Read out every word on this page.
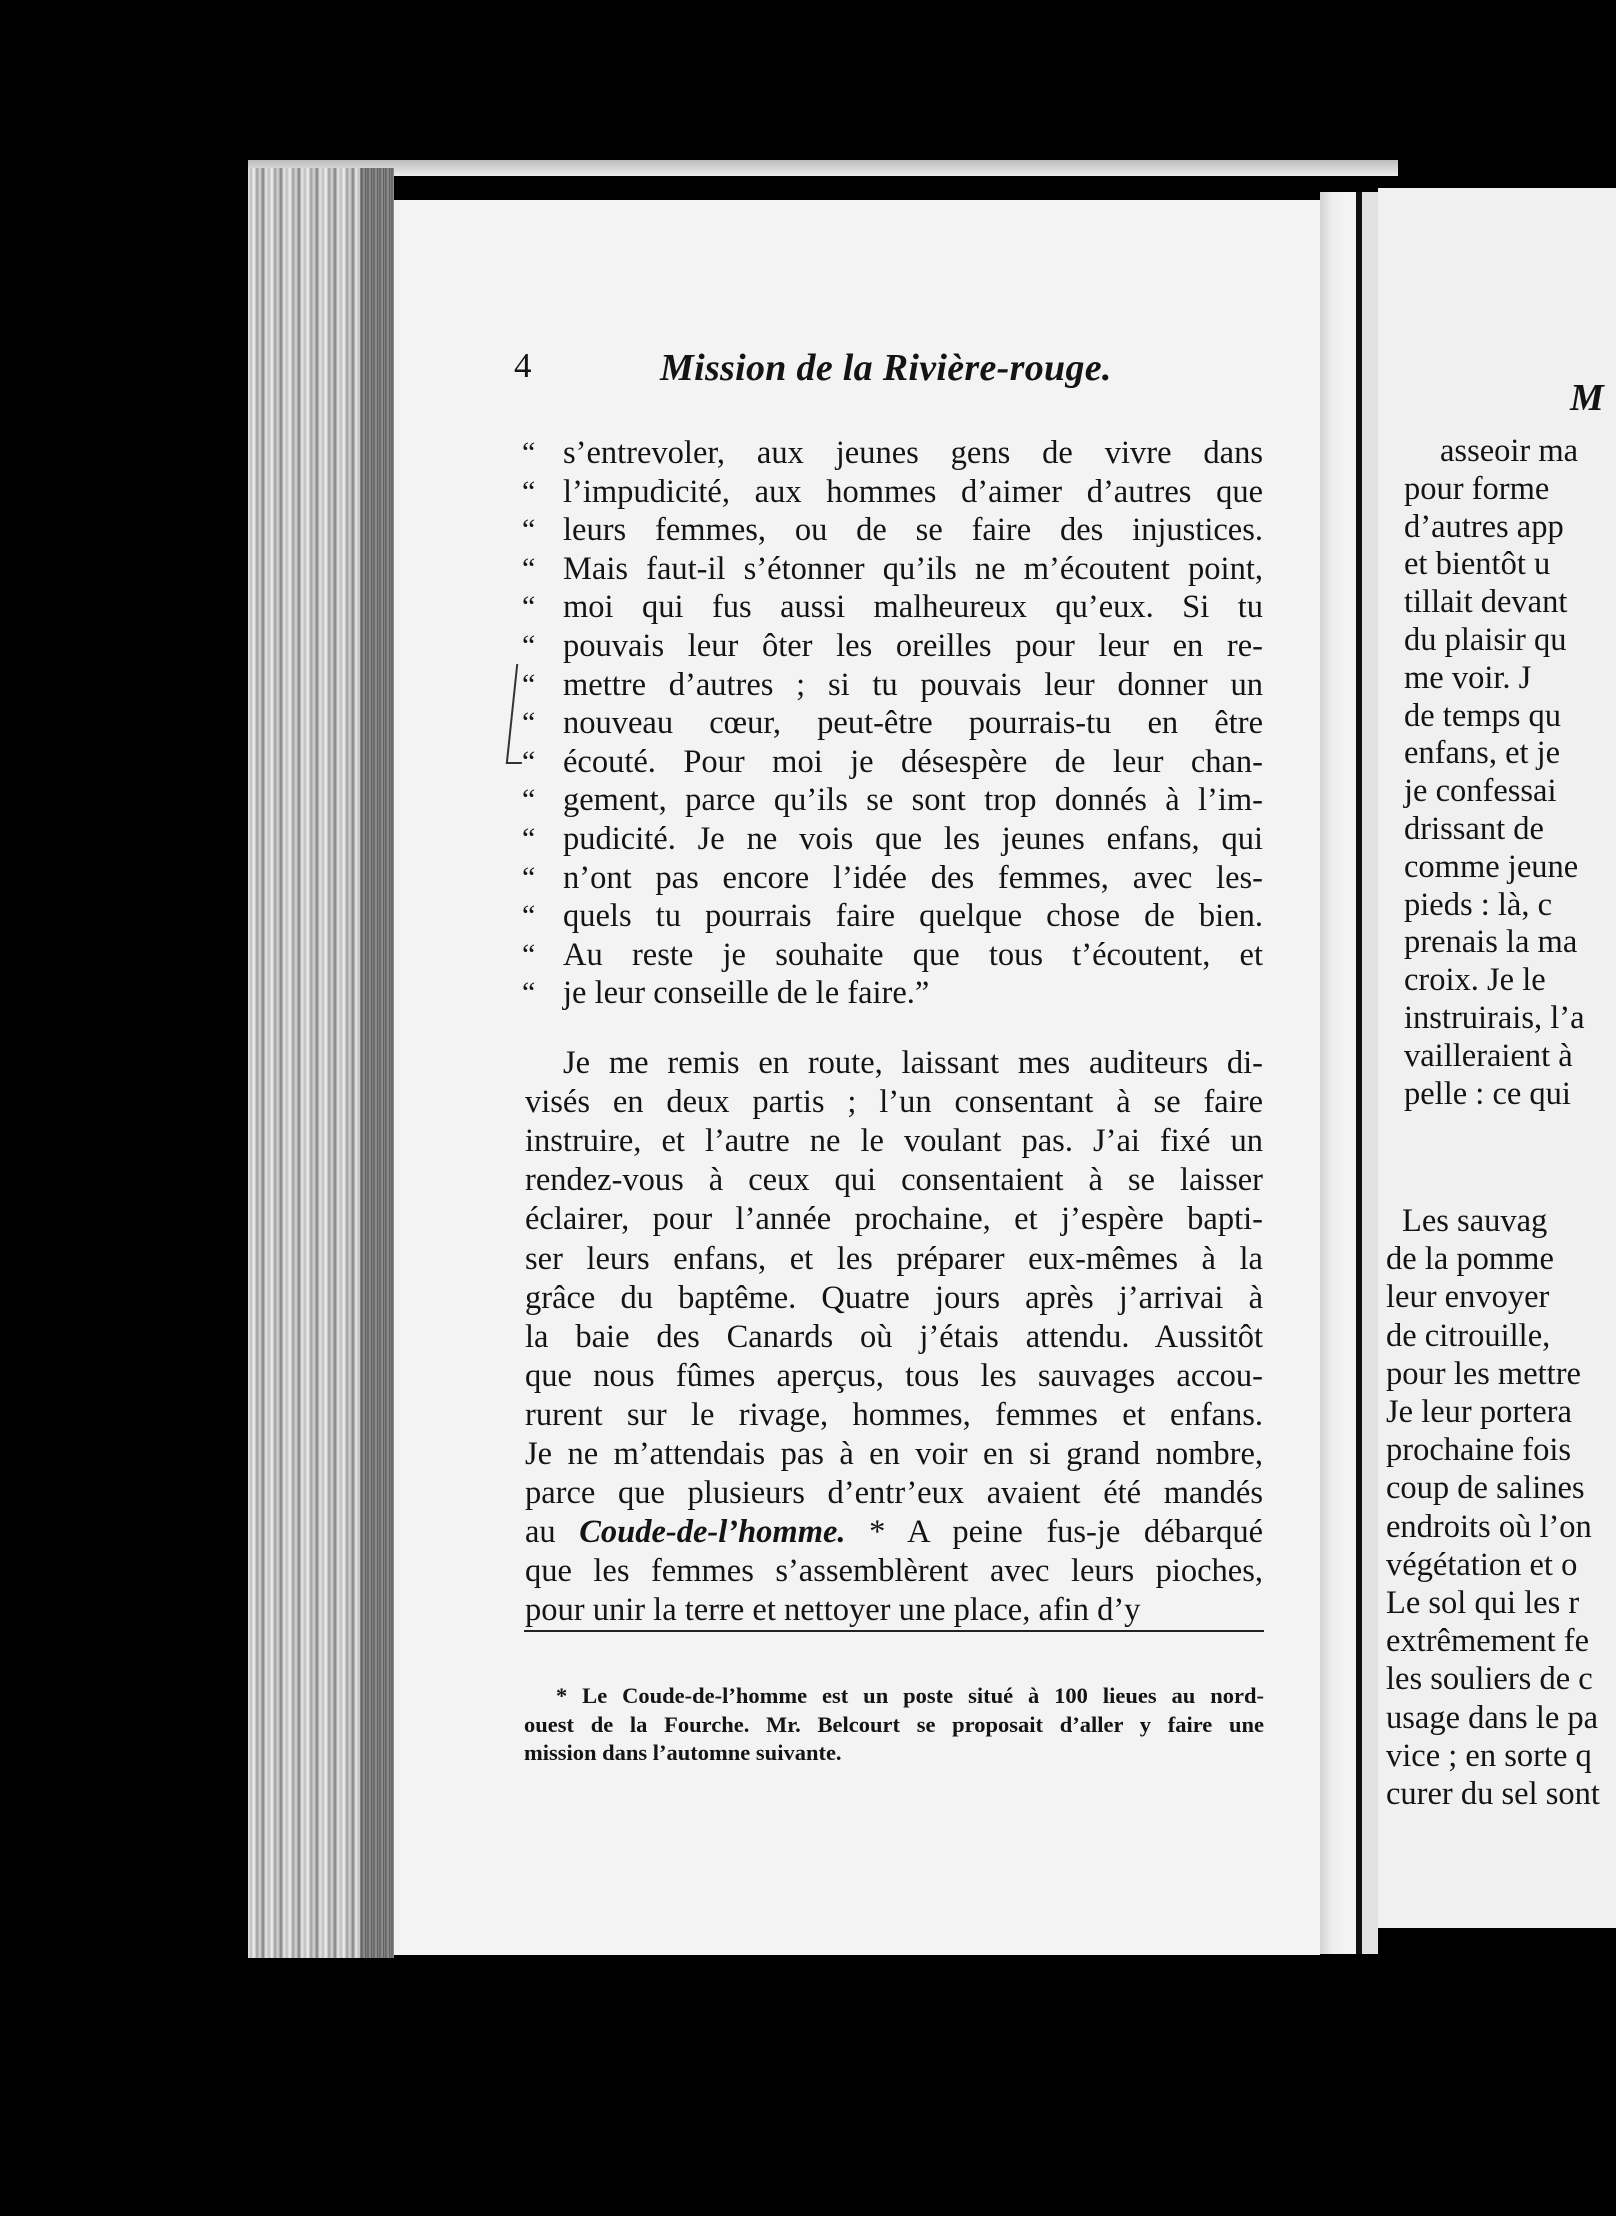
4	Mission de la Rivière-rouge.
“ s’entrevoler, aux jeunes gens de vivre dans
“ l’impudicité, aux hommes d’aimer d’autres que
“ leurs femmes, ou de se faire des injustices.
“ Mais faut-il s’étonner qu’ils ne m’écoutent point,
“ moi qui fus aussi malheureux qu’eux. Si tu
“ pouvais leur ôter les oreilles pour leur en re-
“ mettre d’autres ; si tu pouvais leur donner un
“ nouveau cœur, peut-être pourrais-tu en être
“ écouté. Pour moi je désespère de leur chan-
“ gement, parce qu’ils se sont trop donnés à l’im-
“ pudicité. Je ne vois que les jeunes enfans, qui
“ n’ont pas encore l’idée des femmes, avec les-
“ quels tu pourrais faire quelque chose de bien.
“ Au reste je souhaite que tous t’écoutent, et
“ je leur conseille de le faire.”
Je me remis en route, laissant mes auditeurs di-
visés en deux partis ; l’un consentant à se faire
instruire, et l’autre ne le voulant pas. J’ai fixé un
rendez-vous à ceux qui consentaient à se laisser
éclairer, pour l’année prochaine, et j’espère bapti-
ser leurs enfans, et les préparer eux-mêmes à la
grâce du baptême. Quatre jours après j’arrivai à
la baie des Canards où j’étais attendu. Aussitôt
que nous fûmes aperçus, tous les sauvages accou-
rurent sur le rivage, hommes, femmes et enfans.
Je ne m’attendais pas à en voir en si grand nombre,
parce que plusieurs d’entr’eux avaient été mandés
au Coude-de-l’homme. * A peine fus-je débarqué
que les femmes s’assemblèrent avec leurs pioches,
pour unir la terre et nettoyer une place, afin d’y
* Le Coude-de-l’homme est un poste situé à 100 lieues au nord-
ouest de la Fourche. Mr. Belcourt se proposait d’aller y faire une
mission dans l’automne suivante.
M
asseoir ma
pour forme
d’autres app
et bientôt u
tillait devant
du plaisir qu
me voir. J
de temps qu
enfans, et je
je confessai
drissant de
comme jeune
pieds : là, c
prenais la ma
croix. Je le
instruirais, l’a
vailleraient à
pelle : ce qui
Les sauvag
de la pomme
leur envoyer
de citrouille,
pour les mettre
Je leur portera
prochaine fois
coup de salines
endroits où l’on
végétation et o
Le sol qui les r
extrêmement fe
les souliers de c
usage dans le pa
vice ; en sorte q
curer du sel sont
